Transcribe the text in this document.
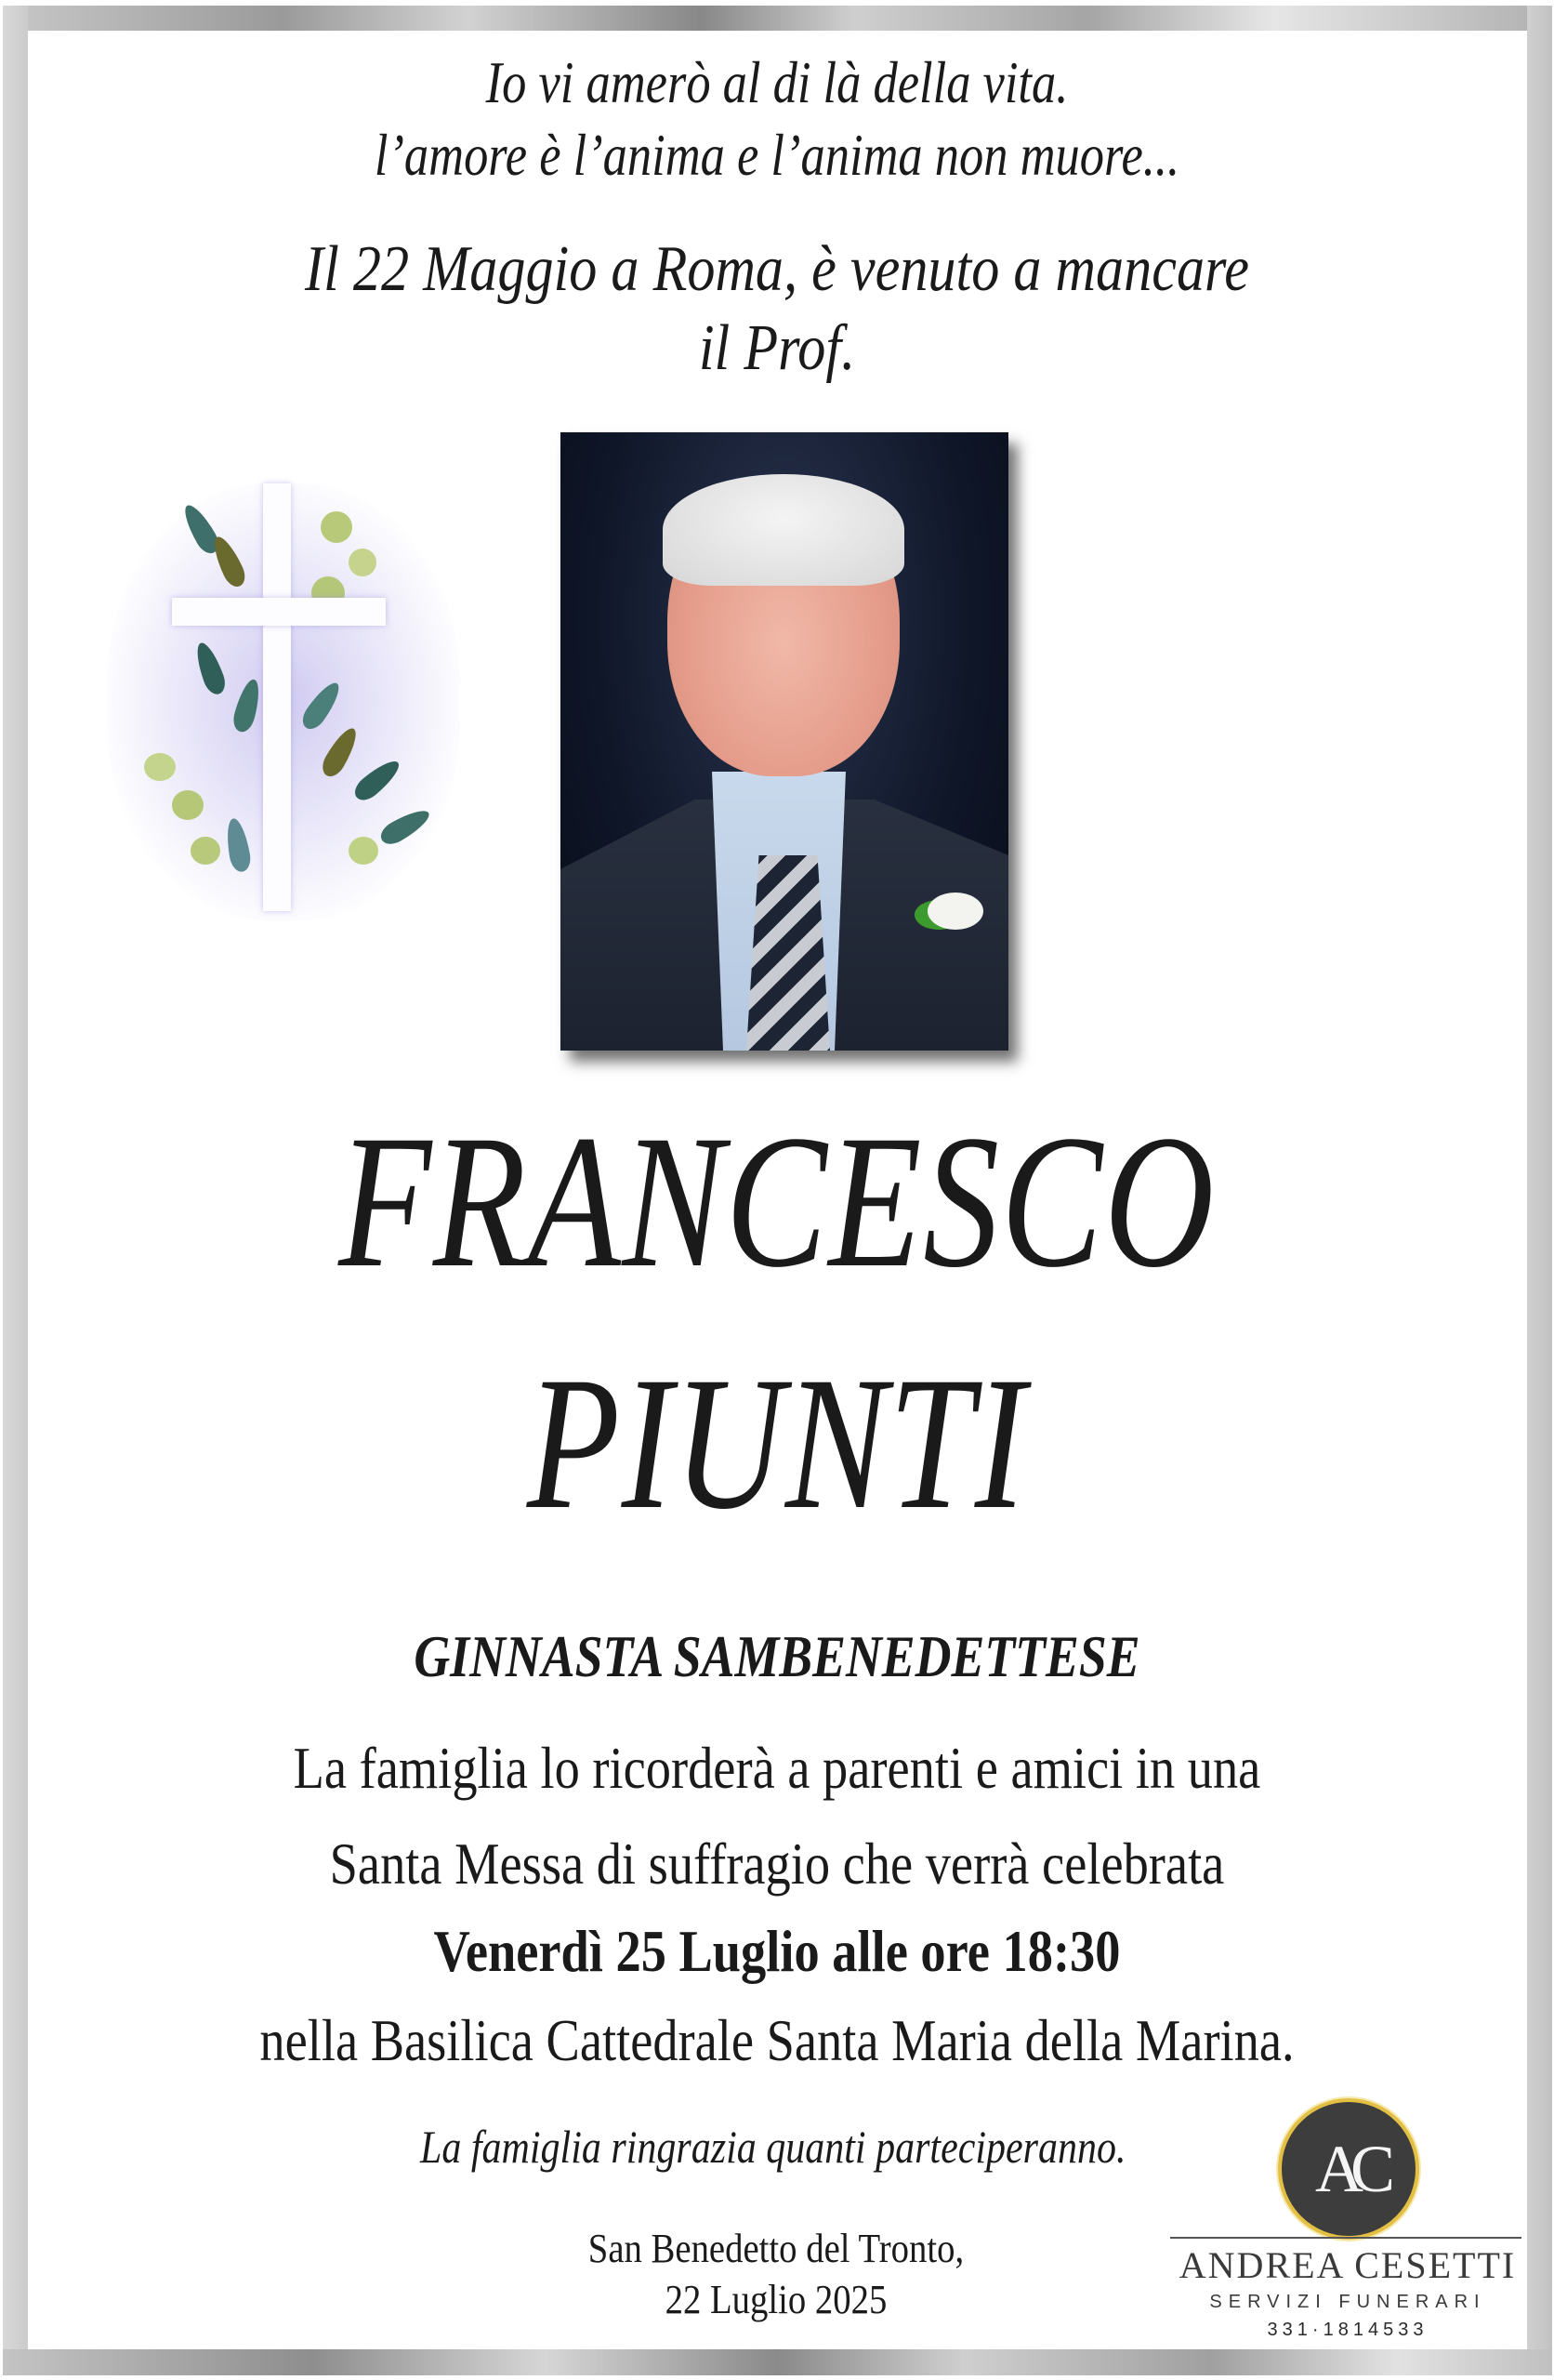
Io vi amerò al di là della vita.
l’amore è l’anima e l’anima non muore...
Il 22 Maggio a Roma, è venuto a mancare
il Prof.
FRANCESCO
PIUNTI
GINNASTA SAMBENEDETTESE
La famiglia lo ricorderà a parenti e amici in una
Santa Messa di suffragio che verrà celebrata
Venerdì 25 Luglio alle ore 18:30
nella Basilica Cattedrale Santa Maria della Marina.
La famiglia ringrazia quanti parteciperanno.
San Benedetto del Tronto,
22 Luglio 2025
AC
ANDREA CESETTI
SERVIZI FUNERARI
331·1814533
